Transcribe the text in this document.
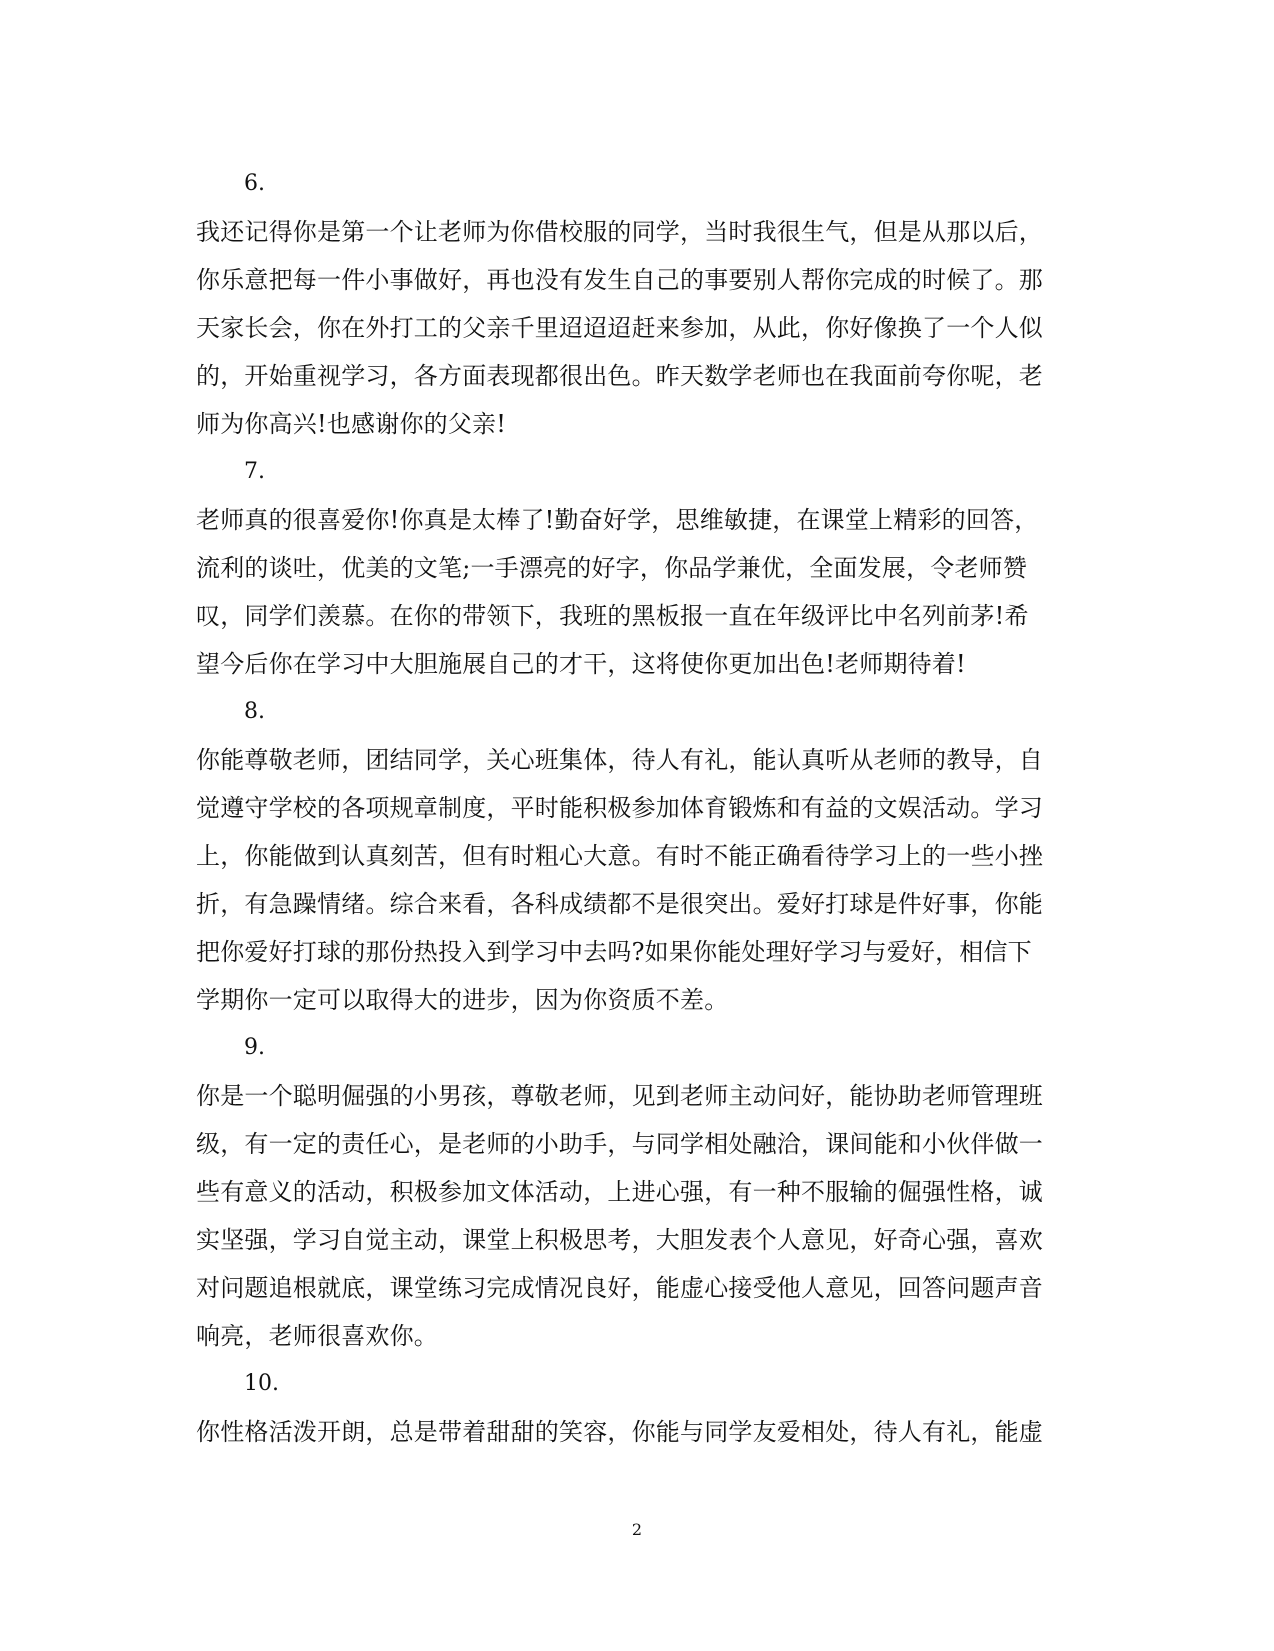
6.
我还记得你是第一个让老师为你借校服的同学，当时我很生气，但是从那以后，
你乐意把每一件小事做好，再也没有发生自己的事要别人帮你完成的时候了。那
天家长会，你在外打工的父亲千里迢迢迢赶来参加，从此，你好像换了一个人似
的，开始重视学习，各方面表现都很出色。昨天数学老师也在我面前夸你呢，老
师为你高兴!也感谢你的父亲!
7.
老师真的很喜爱你!你真是太棒了!勤奋好学，思维敏捷，在课堂上精彩的回答，
流利的谈吐，优美的文笔;一手漂亮的好字，你品学兼优，全面发展，令老师赞
叹，同学们羡慕。在你的带领下，我班的黑板报一直在年级评比中名列前茅!希
望今后你在学习中大胆施展自己的才干，这将使你更加出色!老师期待着!
8.
你能尊敬老师，团结同学，关心班集体，待人有礼，能认真听从老师的教导，自
觉遵守学校的各项规章制度，平时能积极参加体育锻炼和有益的文娱活动。学习
上，你能做到认真刻苦，但有时粗心大意。有时不能正确看待学习上的一些小挫
折，有急躁情绪。综合来看，各科成绩都不是很突出。爱好打球是件好事，你能
把你爱好打球的那份热投入到学习中去吗?如果你能处理好学习与爱好，相信下
学期你一定可以取得大的进步，因为你资质不差。
9.
你是一个聪明倔强的小男孩，尊敬老师，见到老师主动问好，能协助老师管理班
级，有一定的责任心，是老师的小助手，与同学相处融洽，课间能和小伙伴做一
些有意义的活动，积极参加文体活动，上进心强，有一种不服输的倔强性格，诚
实坚强，学习自觉主动，课堂上积极思考，大胆发表个人意见，好奇心强，喜欢
对问题追根就底，课堂练习完成情况良好，能虚心接受他人意见，回答问题声音
响亮，老师很喜欢你。
10.
你性格活泼开朗，总是带着甜甜的笑容，你能与同学友爱相处，待人有礼，能虚
2
